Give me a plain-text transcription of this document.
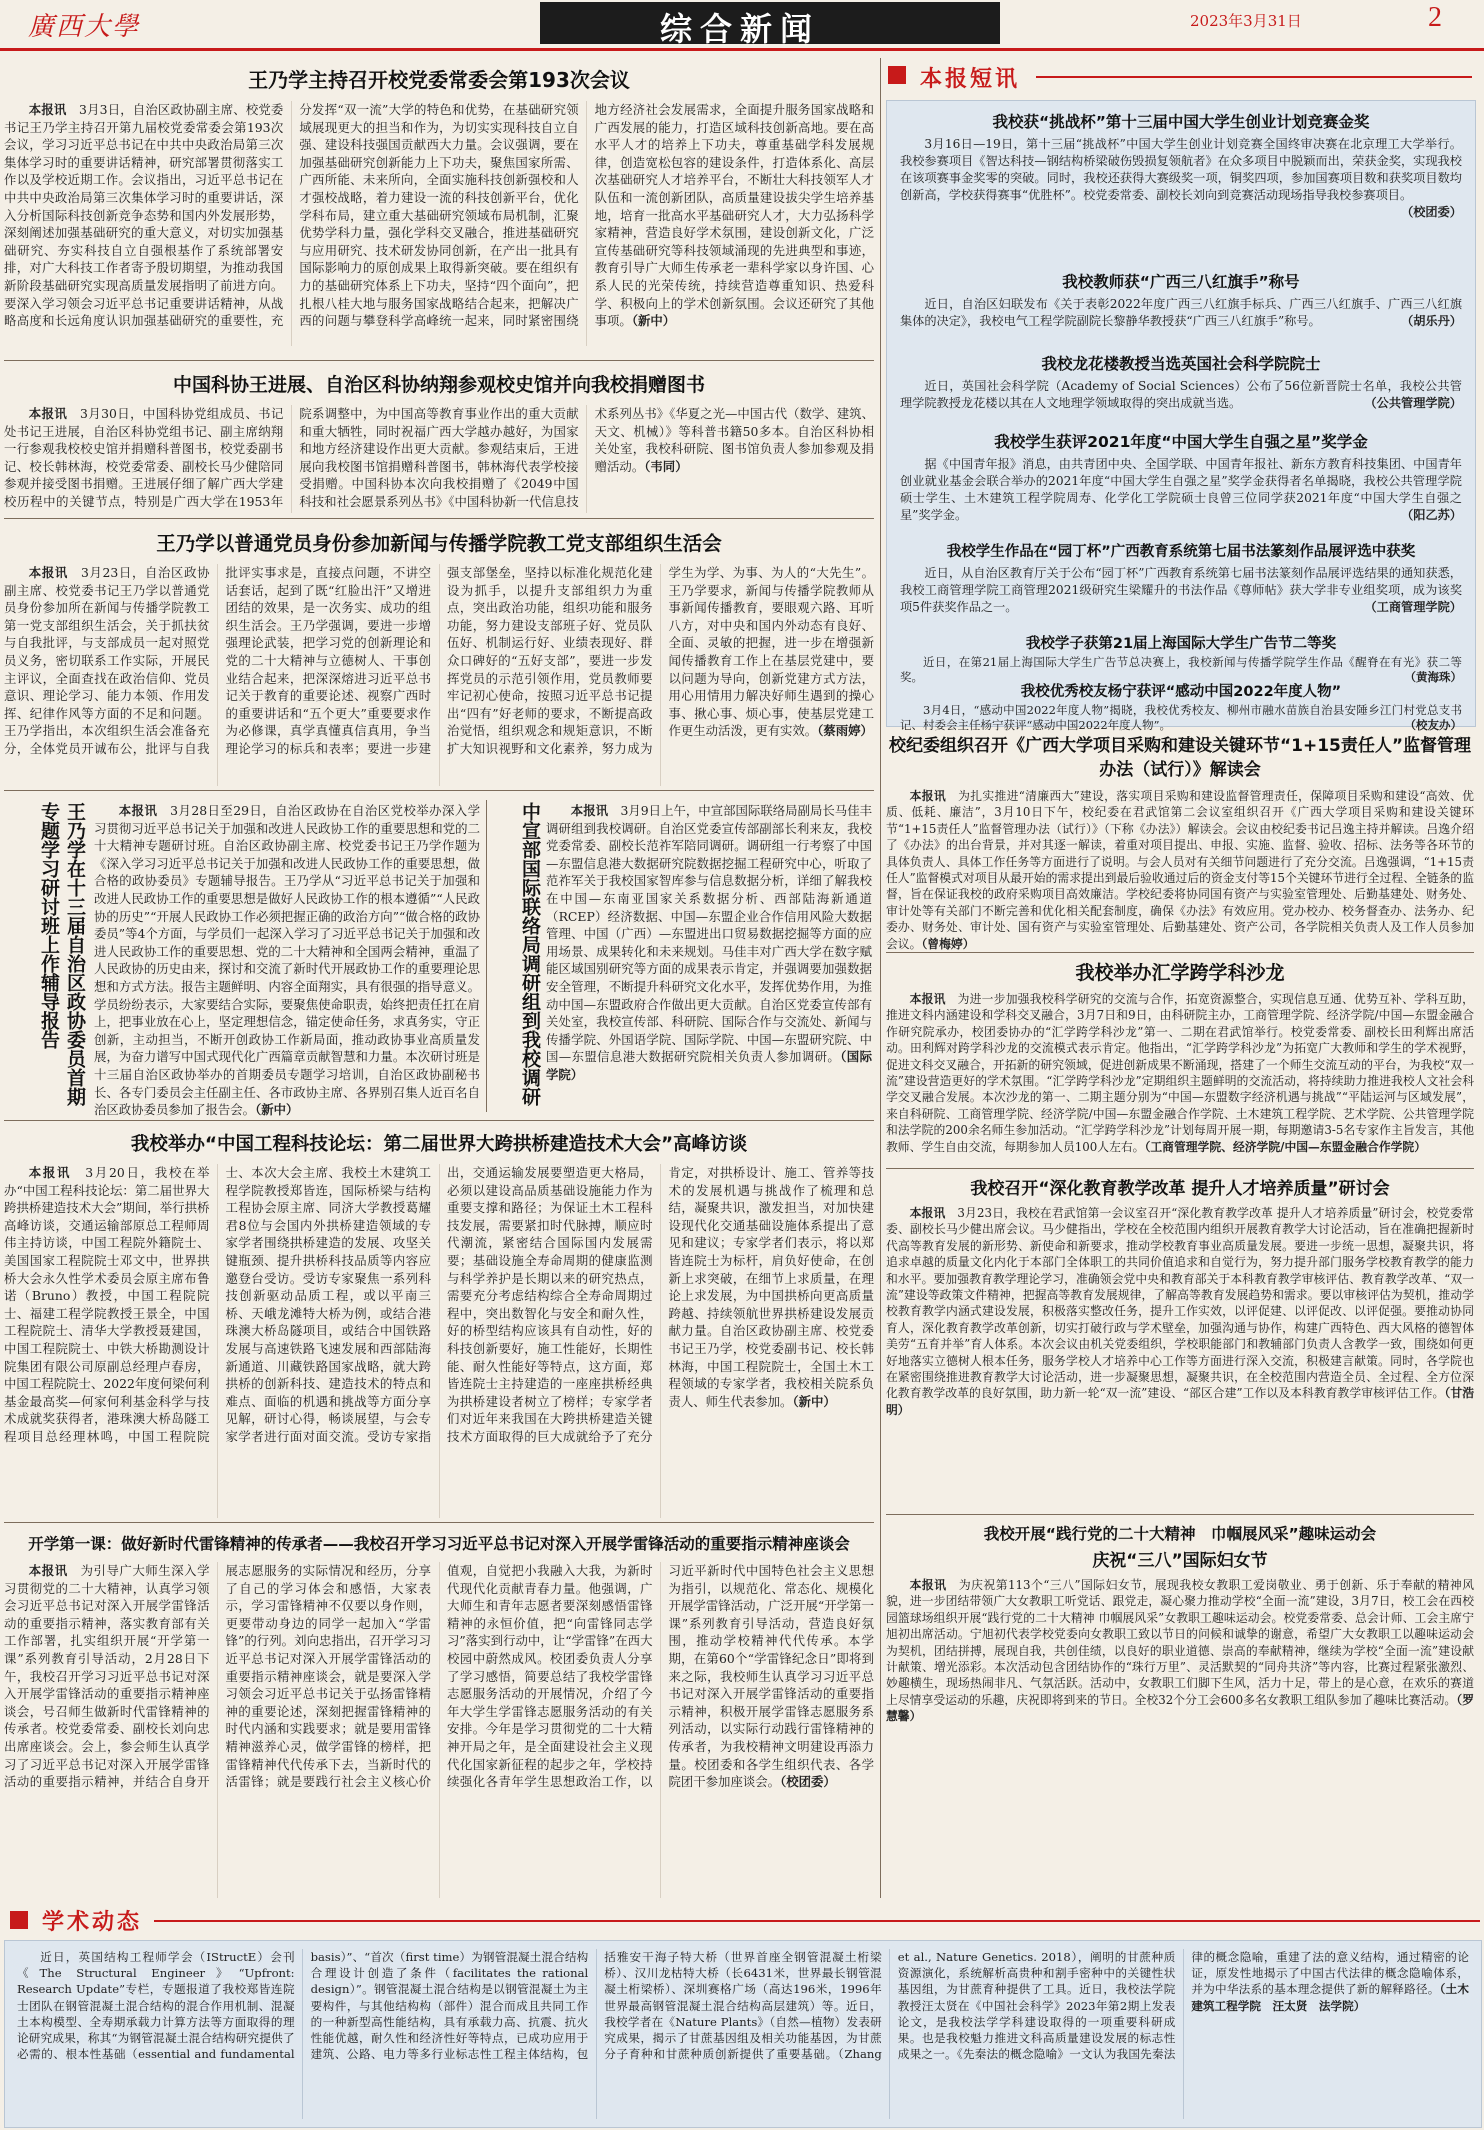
廣西大學	综合新闻	2023年3月31日	2
王乃学主持召开校党委常委会第193次会议

本报讯　 3月3日，自治区政协副主席、校党委书记王乃学主持召开第九届校党委常委会第193次会议，学习习近平总书记在中共中央政治局第三次集体学习时的重要讲话精神，研究部署贯彻落实工作以及学校近期工作。会议指出，习近平总书记在中共中央政治局第三次集体学习时的重要讲话，深入分析国际科技创新竞争态势和国内外发展形势，深刻阐述加强基础研究的重大意义，对切实加强基础研究、夯实科技自立自强根基作了系统部署安排，对广大科技工作者寄予殷切期望，为推动我国新阶段基础研究实现高质量发展指明了前进方向。要深入学习领会习近平总书记重要讲话精神，从战略高度和长远角度认识加强基础研究的重要性，充分发挥“双一流”大学的特色和优势，在基础研究领域展现更大的担当和作为，为切实实现科技自立自强、建设科技强国贡献西大力量。会议强调，要在加强基础研究创新能力上下功夫，聚焦国家所需、广西所能、未来所向，全面实施科技创新强校和人才强校战略，着力建设一流的科技创新平台，优化学科布局，建立重大基础研究领域布局机制，汇聚优势学科力量，强化学科交叉融合，推进基础研究与应用研究、技术研发协同创新，在产出一批具有国际影响力的原创成果上取得新突破。要在组织有力的基础研究体系上下功夫，坚持“四个面向”，把扎根八桂大地与服务国家战略结合起来，把解决广西的问题与攀登科学高峰统一起来，同时紧密围绕地方经济社会发展需求，全面提升服务国家战略和广西发展的能力，打造区域科技创新高地。要在高水平人才的培养上下功夫，尊重基础学科发展规律，创造宽松包容的建设条件，打造体系化、高层次基础研究人才培养平台，不断壮大科技领军人才队伍和一流创新团队，高质量建设拔尖学生培养基地，培育一批高水平基础研究人才，大力弘扬科学家精神，营造良好学术氛围，建设创新文化，广泛宣传基础研究等科技领域涌现的先进典型和事迹，教育引导广大师生传承老一辈科学家以身许国、心系人民的光荣传统，持续营造尊重知识、热爱科学、积极向上的学术创新氛围。会议还研究了其他事项。（新中）

中国科协王进展、自治区科协纳翔参观校史馆并向我校捐赠图书

本报讯　 3月30日，中国科协党组成员、书记处书记王进展，自治区科协党组书记、副主席纳翔一行参观我校校史馆并捐赠科普图书，校党委副书记、校长韩林海，校党委常委、副校长马少健陪同参观并接受图书捐赠。王进展仔细了解广西大学建校历程中的关键节点，特别是广西大学在1953年院系调整中，为中国高等教育事业作出的重大贡献和重大牺牲，同时祝福广西大学越办越好，为国家和地方经济建设作出更大贡献。参观结束后，王进展向我校图书馆捐赠科普图书，韩林海代表学校接受捐赠。中国科协本次向我校捐赠了《2049中国科技和社会愿景系列丛书》《中国科协新一代信息技术系列丛书》《华夏之光—中国古代（数学、建筑、天文、机械）》等科普书籍50多本。自治区科协相关处室，我校科研院、图书馆负责人参加参观及捐赠活动。（韦同）

王乃学以普通党员身份参加新闻与传播学院教工党支部组织生活会

本报讯　 3月23日，自治区政协副主席、校党委书记王乃学以普通党员身份参加所在新闻与传播学院教工第一党支部组织生活会，关于抓扶贫与自我批评，与支部成员一起对照党员义务，密切联系工作实际，开展民主评议，全面查找在政治信仰、党员意识、理论学习、能力本领、作用发挥、纪律作风等方面的不足和问题。王乃学指出，本次组织生活会准备充分，全体党员开诚布公，批评与自我批评实事求是，直接点问题，不讲空话套话，起到了既“红脸出汗”又增进团结的效果，是一次务实、成功的组织生活会。王乃学强调，要进一步增强理论武装，把学习党的创新理论和党的二十大精神与立德树人、干事创业结合起来，把深深熔进习近平总书记关于教育的重要论述、视察广西时的重要讲话和“五个更大”重要要求作为必修课，真学真懂真信真用，争当理论学习的标兵和表率；要进一步建强支部堡垒，坚持以标准化规范化建设为抓手，以提升支部组织力为重点，突出政治功能，组织功能和服务功能，努力建设支部班子好、党员队伍好、机制运行好、业绩表现好、群众口碑好的“五好支部”，要进一步发挥党员的示范引领作用，党员教师要牢记初心使命，按照习近平总书记提出“四有”好老师的要求，不断提高政治觉悟，组织观念和规矩意识，不断扩大知识视野和文化素养，努力成为学生为学、为事、为人的“大先生”。王乃学要求，新闻与传播学院教师从事新闻传播教育，要眼观六路、耳听八方，对中央和国内外动态有良好、全面、灵敏的把握，进一步在增强新闻传播教育工作上在基层党建中，要以问题为导向，创新党建方式方法，用心用情用力解决好师生遇到的操心事、揪心事、烦心事，使基层党建工作更生动活泼，更有实效。（蔡雨婷）

王乃学在十三届自治区政协委员首期专题学习研讨班上作辅导报告	本报讯　 3月28日至29日，自治区政协在自治区党校举办深入学习贯彻习近平总书记关于加强和改进人民政协工作的重要思想和党的二十大精神专题研讨班。自治区政协副主席、校党委书记王乃学作题为《深入学习习近平总书记关于加强和改进人民政协工作的重要思想，做合格的政协委员》专题辅导报告。王乃学从“习近平总书记关于加强和改进人民政协工作的重要思想是做好人民政协工作的根本遵循”“人民政协的历史”“开展人民政协工作必须把握正确的政治方向”“做合格的政协委员”等4个方面，与学员们一起深入学习了习近平总书记关于加强和改进人民政协工作的重要思想、党的二十大精神和全国两会精神，重温了人民政协的历史由来，探讨和交流了新时代开展政协工作的重要理论思想和方式方法。报告主题鲜明、内容全面翔实，具有很强的指导意义。学员纷纷表示，大家要结合实际，要聚焦使命职责，始终把责任扛在肩上，把事业放在心上，坚定理想信念，锚定使命任务，求真务实，守正创新，主动担当，不断开创政协工作新局面，推动政协事业高质量发展，为奋力谱写中国式现代化广西篇章贡献智慧和力量。本次研讨班是十三届自治区政协举办的首期委员专题学习培训，自治区政协副秘书长、各专门委员会主任副主任、各市政协主席、各界别召集人近百名自治区政协委员参加了报告会。（新中）

中宣部国际联络局调研组到我校调研	本报讯　 3月9日上午，中宣部国际联络局副局长马佳丰调研组到我校调研。自治区党委宣传部副部长利来友，我校党委常委、副校长范祚军陪同调研。调研组一行考察了中国—东盟信息港大数据研究院数据挖掘工程研究中心，听取了范祚军关于我校国家智库参与信息数据分析，详细了解我校在中国—东南亚国家关系数据分析、西部陆海新通道（RCEP）经济数据、中国—东盟企业合作信用风险大数据管理、中国（广西）—东盟进出口贸易数据挖掘等方面的应用场景、成果转化和未来规划。马佳丰对广西大学在数字赋能区域国别研究等方面的成果表示肯定，并强调要加强数据安全管理，不断提升科研究文化水平，发挥优势作用，为推动中国—东盟政府合作做出更大贡献。自治区党委宣传部有关处室，我校宣传部、科研院、国际合作与交流处、新闻与传播学院、外国语学院、国际学院、中国—东盟研究院、中国—东盟信息港大数据研究院相关负责人参加调研。（国际学院）

我校举办“中国工程科技论坛：第二届世界大跨拱桥建造技术大会”高峰访谈

本报讯　 3月20日，我校在举办“中国工程科技论坛：第二届世界大跨拱桥建造技术大会”期间，举行拱桥高峰访谈，交通运输部原总工程师周伟主持访谈，中国工程院外籍院士、美国国家工程院院士邓文中，世界拱桥大会永久性学术委员会原主席布鲁诺（Bruno）教授，中国工程院院士、福建工程学院教授王景全，中国工程院院士、清华大学教授聂建国，中国工程院院士、中铁大桥勘测设计院集团有限公司原副总经理卢春房，中国工程院院士、2022年度何梁何利基金最高奖—何家何利基金科学与技术成就奖获得者，港珠澳大桥岛隧工程项目总经理林鸣，中国工程院院士、本次大会主席、我校土木建筑工程学院教授郑皆连，国际桥梁与结构工程协会原主席、同济大学教授葛耀君8位与会国内外拱桥建造领域的专家学者围绕拱桥建造的发展、攻坚关键瓶颈、提升拱桥科技品质等内容应邀登台受访。受访专家聚焦一系列科技创新驱动品质工程，或以平南三桥、天峨龙滩特大桥为例，或结合港珠澳大桥岛隧项目，或结合中国铁路发展与高速铁路飞速发展和西部陆海新通道、川藏铁路国家战略，就大跨拱桥的创新科技、建造技术的特点和难点、面临的机遇和挑战等方面分享见解，研讨心得，畅谈展望，与会专家学者进行面对面交流。受访专家指出，交通运输发展要塑造更大格局，必须以建设高品质基础设施能力作为重要支撑和路径；为保证土木工程科技发展，需要紧扣时代脉搏，顺应时代潮流，紧密结合国际国内发展需要；基础设施全寿命周期的健康监测与科学养护是长期以来的研究热点，需要充分考虑结构综合全寿命周期过程中，突出数智化与安全和耐久性，好的桥型结构应该具有自动性，好的科技创新要好，施工性能好，长期性能、耐久性能好等特点，这方面，郑皆连院士主持建造的一座座拱桥经典为拱桥建设者树立了榜样；专家学者们对近年来我国在大跨拱桥建造关键技术方面取得的巨大成就给予了充分肯定，对拱桥设计、施工、管养等技术的发展机遇与挑战作了梳理和总结，凝聚共识，激发担当，对加快建设现代化交通基础设施体系提出了意见和建议；专家学者们表示，将以郑皆连院士为标杆，肩负好使命，在创新上求突破，在细节上求质量，在理论上求发展，为中国拱桥向更高质量跨越、持续领航世界拱桥建设发展贡献力量。自治区政协副主席、校党委书记王乃学，校党委副书记、校长韩林海，中国工程院院士，全国土木工程领域的专家学者，我校相关院系负责人、师生代表参加。（新中）

开学第一课：做好新时代雷锋精神的传承者——我校召开学习习近平总书记对深入开展学雷锋活动的重要指示精神座谈会

本报讯　 为引导广大师生深入学习贯彻党的二十大精神，认真学习领会习近平总书记对深入开展学雷锋活动的重要指示精神，落实教育部有关工作部署，扎实组织开展“开学第一课”系列教育引导活动，2月28日下午，我校召开学习习近平总书记对深入开展学雷锋活动的重要指示精神座谈会，号召师生做新时代雷锋精神的传承者。校党委常委、副校长刘向忠出席座谈会。会上，参会师生认真学习了习近平总书记对深入开展学雷锋活动的重要指示精神，并结合自身开展志愿服务的实际情况和经历，分享了自己的学习体会和感悟，大家表示，学习雷锋精神不仅要以身作则，更要带动身边的同学一起加入“学雷锋”的行列。刘向忠指出，召开学习习近平总书记对深入开展学雷锋活动的重要指示精神座谈会，就是要深入学习领会习近平总书记关于弘扬雷锋精神的重要论述，深刻把握雷锋精神的时代内涵和实践要求；就是要用雷锋精神滋养心灵，做学雷锋的榜样，把雷锋精神代代传承下去，当新时代的活雷锋；就是要践行社会主义核心价值观，自觉把小我融入大我，为新时代现代化贡献青春力量。他强调，广大师生和青年志愿者要深刻感悟雷锋精神的永恒价值，把“向雷锋同志学习”落实到行动中，让“学雷锋”在西大校园中蔚然成风。校团委负责人分享了学习感悟，简要总结了我校学雷锋志愿服务活动的开展情况，介绍了今年大学生学雷锋志愿服务活动的有关安排。今年是学习贯彻党的二十大精神开局之年，是全面建设社会主义现代化国家新征程的起步之年，学校持续强化各青年学生思想政治工作，以习近平新时代中国特色社会主义思想为指引，以规范化、常态化、规模化开展学雷锋活动，广泛开展“开学第一课”系列教育引导活动，营造良好氛围，推动学校精神代代传承。本学期，在第60个“学雷锋纪念日”即将到来之际，我校师生认真学习习近平总书记对深入开展学雷锋活动的重要指示精神，积极开展学雷锋志愿服务系列活动，以实际行动践行雷锋精神的传承者，为我校精神文明建设再添力量。校团委和各学生组织代表、各学院团干参加座谈会。（校团委）

本报短讯
我校获“挑战杯”第十三届中国大学生创业计划竞赛金奖
3月16日—19日，第十三届“挑战杯”中国大学生创业计划竞赛全国终审决赛在北京理工大学举行。我校参赛项目《智达科技—钢结构桥梁破伤毁损复领航者》在众多项目中脱颖而出，荣获金奖，实现我校在该项赛事金奖零的突破。同时，我校还获得大赛级奖一项，铜奖四项，参加国赛项目数和获奖项目数均创新高，学校获得赛事“优胜杯”。校党委常委、副校长刘向到竞赛活动现场指导我校参赛项目。
（校团委）
我校教师获“广西三八红旗手”称号
近日，自治区妇联发布《关于表彰2022年度广西三八红旗手标兵、广西三八红旗手、广西三八红旗集体的决定》，我校电气工程学院副院长黎静华教授获“广西三八红旗手”称号。	（胡乐丹）
我校龙花楼教授当选英国社会科学院院士
近日，英国社会科学院（Academy of Social Sciences）公布了56位新晋院士名单，我校公共管理学院教授龙花楼以其在人文地理学领域取得的突出成就当选。	（公共管理学院）
我校学生获评2021年度“中国大学生自强之星”奖学金
据《中国青年报》消息，由共青团中央、全国学联、中国青年报社、新东方教育科技集团、中国青年创业就业基金会联合举办的2021年度“中国大学生自强之星”奖学金获得者名单揭晓，我校公共管理学院硕士学生、土木建筑工程学院周寿、化学化工学院硕士良曾三位同学获2021年度“中国大学生自强之星”奖学金。	（阳乙苏）
我校学生作品在“园丁杯”广西教育系统第七届书法篆刻作品展评选中获奖
近日，从自治区教育厅关于公布“园丁杯”广西教育系统第七届书法篆刻作品展评选结果的通知获悉，我校工商管理学院工商管理2021级研究生梁耀升的书法作品《尊师帖》获大学非专业组奖项，成为该奖项5件获奖作品之一。	（工商管理学院）
我校学子获第21届上海国际大学生广告节二等奖
近日，在第21届上海国际大学生广告节总决赛上，我校新闻与传播学院学生作品《醒脊在有光》获二等奖。	（黄海珠）
我校优秀校友杨宁获评“感动中国2022年度人物”
3月4日，“感动中国2022年度人物”揭晓，我校优秀校友、柳州市融水苗族自治县安陲乡江门村党总支书记、村委会主任杨宁获评“感动中国2022年度人物”。	（校友办）
校纪委组织召开《广西大学项目采购和建设关键环节“1+15责任人”监督管理办法（试行）》解读会

本报讯　 为扎实推进“清廉西大”建设，落实项目采购和建设监督管理责任，保障项目采购和建设“高效、优质、低耗、廉洁”，3月10日下午，校纪委在君武馆第二会议室组织召开《广西大学项目采购和建设关键环节“1+15责任人”监督管理办法（试行）》（下称《办法》）解读会。会议由校纪委书记吕逸主持并解读。吕逸介绍了《办法》的出台背景，并对其逐一解读，着重对项目提出、申报、实施、监督、验收、招标、法务等各环节的具体负责人、具体工作任务等方面进行了说明。与会人员对有关细节问题进行了充分交流。吕逸强调，“1+15责任人”监督模式对项目从最开始的需求提出到最后验收通过后的资金支付等15个关键环节进行全过程、全链条的监督，旨在保证我校的政府采购项目高效廉洁。学校纪委将协同国有资产与实验室管理处、后勤基建处、财务处、审计处等有关部门不断完善和优化相关配套制度，确保《办法》有效应用。党办校办、校务督查办、法务办、纪委办、财务处、审计处、国有资产与实验室管理处、后勤基建处、资产公司，各学院相关负责人及工作人员参加会议。（曾梅婷）

我校举办汇学跨学科沙龙

本报讯　 为进一步加强我校科学研究的交流与合作，拓宽资源整合，实现信息互通、优势互补、学科互助，推进文科内涵建设和学科交叉融合，3月7日和9日，由科研院主办，工商管理学院、经济学院/中国—东盟金融合作研究院承办，校团委协办的“汇学跨学科沙龙”第一、二期在君武馆举行。校党委常委、副校长田利辉出席活动。田利辉对跨学科沙龙的交流模式表示肯定。他指出，“汇学跨学科沙龙”为拓宽广大教师和学生的学术视野，促进文科交叉融合，开拓新的研究领域，促进创新成果不断涌现，搭建了一个师生交流互动的平台，为我校“双一流”建设营造更好的学术氛围。“汇学跨学科沙龙”定期组织主题鲜明的交流活动，将持续助力推进我校人文社会科学交叉融合发展。本次沙龙的第一、二期主题分别为“中国—东盟数字经济机遇与挑战”“平陆运河与区域发展”，来自科研院、工商管理学院、经济学院/中国—东盟金融合作学院、土木建筑工程学院、艺术学院、公共管理学院和法学院的200余名师生参加活动。“汇学跨学科沙龙”计划每周开展一期，每期邀请3-5名专家作主旨发言，其他教师、学生自由交流，每期参加人员100人左右。（工商管理学院、经济学院/中国—东盟金融合作学院）

我校召开“深化教育教学改革 提升人才培养质量”研讨会

本报讯　 3月23日，我校在君武馆第一会议室召开“深化教育教学改革 提升人才培养质量”研讨会，校党委常委、副校长马少健出席会议。马少健指出，学校在全校范围内组织开展教育教学大讨论活动，旨在准确把握新时代高等教育发展的新形势、新使命和新要求，推动学校教育事业高质量发展。要进一步统一思想，凝聚共识，将追求卓越的质量文化内化于本部门全体职工的共同价值追求和自觉行为，努力提升部门服务学校教育教学的能力和水平。要加强教育教学理论学习，准确领会党中央和教育部关于本科教育教学审核评估、教育教学改革、“双一流”建设等政策文件精神，把握高等教育发展规律，了解高等教育发展趋势和需求。要以审核评估为契机，推动学校教育教学内涵式建设发展，积极落实整改任务，提升工作实效，以评促建、以评促改、以评促强。要推动协同育人，深化教育教学改革创新，切实打破行政与学术壁垒，加强沟通与协作，构建广西特色、西大风格的德智体美劳“五育并举”育人体系。本次会议由机关党委组织，学校职能部门和教辅部门负责人含教学一致，围绕如何更好地落实立德树人根本任务，服务学校人才培养中心工作等方面进行深入交流，积极建言献策。同时，各学院也在紧密围绕推进教育教学大讨论活动，进一步凝聚思想，凝聚共识，在全校范围内营造全员、全过程、全方位深化教育教学改革的良好氛围，助力新一轮“双一流”建设、“部区合建”工作以及本科教育教学审核评估工作。（甘浩明）

我校开展“践行党的二十大精神　巾帼展风采”趣味运动会
庆祝“三八”国际妇女节

本报讯　 为庆祝第113个“三八”国际妇女节，展现我校女教职工爱岗敬业、勇于创新、乐于奉献的精神风貌，进一步团结带领广大女教职工听党话、跟党走，凝心聚力推动学校“全面一流”建设，3月7日，校工会在西校园篮球场组织开展“践行党的二十大精神 巾帼展风采”女教职工趣味运动会。校党委常委、总会计师、工会主席宁旭初出席活动。宁旭初代表学校党委向女教职工致以节日的问候和诚挚的谢意，希望广大女教职工以趣味运动会为契机，团结拼搏，展现自我，共创佳绩，以良好的职业道德、崇高的奉献精神，继续为学校“全面一流”建设献计献策、增光添彩。本次活动包含团结协作的“珠行万里”、灵活默契的“同舟共济”等内容，比赛过程紧张激烈、妙趣横生，现场热闹非凡、气氛活跃。活动中，女教职工们脚下生风，活力十足，带上的是心意，在欢乐的赛道上尽情享受运动的乐趣，庆祝即将到来的节日。全校32个分工会600多名女教职工组队参加了趣味比赛活动。（罗慧馨）

学术动态

近日，英国结构工程师学会（IStructE）会刊《The Structural Engineer》“Upfront: Research Update”专栏，专题报道了我校郑皆连院士团队在钢管混凝土混合结构的混合作用机制、混凝土本构模型、全寿期承载力计算方法等方面取得的理论研究成果，称其“为钢管混凝土混合结构研究提供了必需的、根本性基础（essential and fundamental basis）”、“首次（first time）为钢管混凝土混合结构合理设计创造了条件（facilitates the rational design）”。钢管混凝土混合结构是以钢管混凝土为主要构件，与其他结构构（部件）混合而成且共同工作的一种新型高性能结构，具有承载力高、抗震、抗火性能优越，耐久性和经济性好等特点，已成功应用于建筑、公路、电力等多行业标志性工程主体结构，包括雅安干海子特大桥（世界首座全钢管混凝土桁梁桥）、汉川龙枯特大桥（长6431米，世界最长钢管混凝土桁梁桥）、深圳赛格广场（高达196米，1996年世界最高钢管混凝土混合结构高层建筑）等。近日，我校学者在《Nature Plants》（自然—植物）发表研究成果，揭示了甘蔗基因组及相关功能基因，为甘蔗分子育种和甘蔗种质创新提供了重要基础。（Zhang et al., Nature Genetics. 2018），阐明的甘蔗种质资源演化，系统解析高贵种和割手密种中的关键性状基因组，为甘蔗育种提供了工具。近日，我校法学院教授汪太贤在《中国社会科学》2023年第2期上发表论文，是我校法学学科建设取得的一项重要科研成果。也是我校魁力推进文科高质量建设发展的标志性成果之一。《先秦法的概念隐喻》一文认为我国先秦法律的概念隐喻，重建了法的意义结构，通过精密的论证，原发性地揭示了中国古代法律的概念隐喻体系，并为中华法系的基本理念提供了新的解释路径。（土木建筑工程学院　汪太贤　法学院）
